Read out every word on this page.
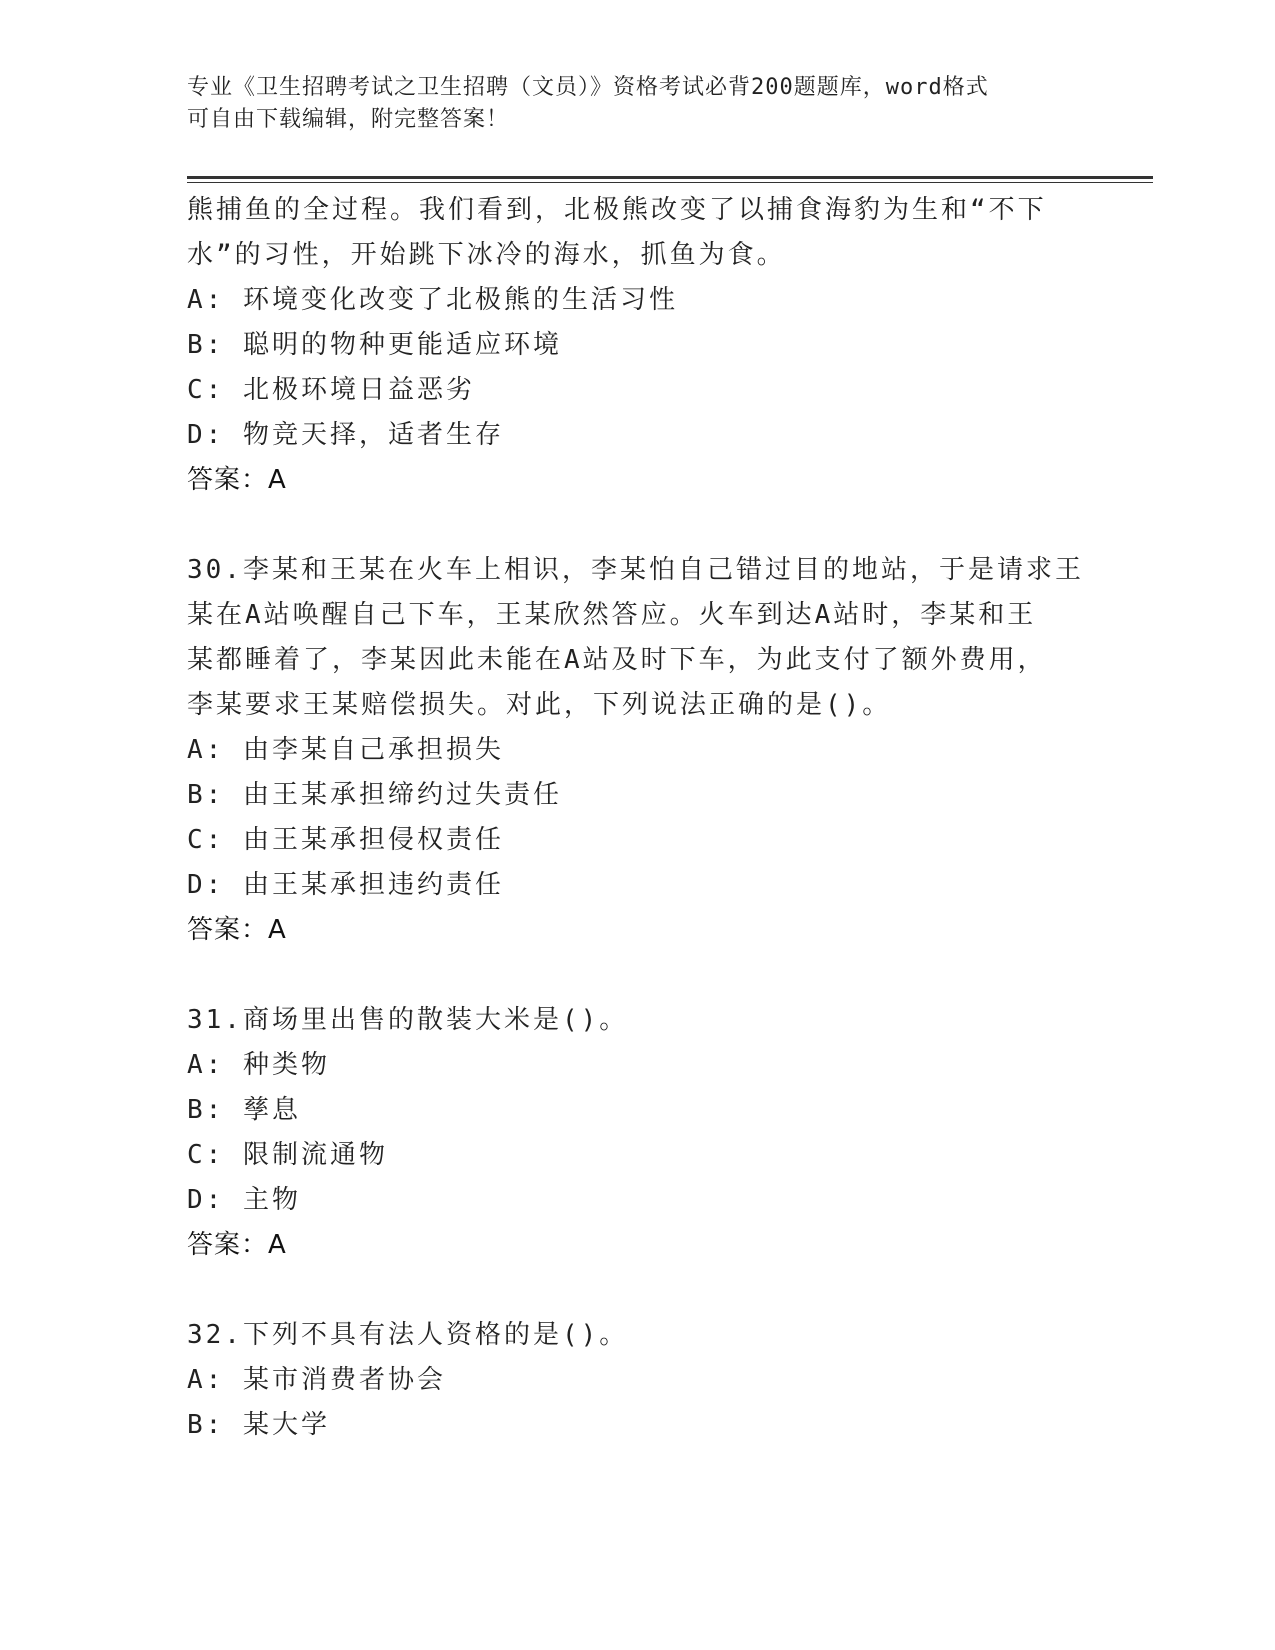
专业《卫生招聘考试之卫生招聘（文员）》资格考试必背200题题库，word格式
可自由下载编辑，附完整答案！
熊捕鱼的全过程。我们看到，北极熊改变了以捕食海豹为生和“不下
水”的习性，开始跳下冰冷的海水，抓鱼为食。
A: 环境变化改变了北极熊的生活习性
B: 聪明的物种更能适应环境
C: 北极环境日益恶劣
D: 物竞天择，适者生存
答案：A
30.李某和王某在火车上相识，李某怕自己错过目的地站，于是请求王
某在A站唤醒自己下车，王某欣然答应。火车到达A站时，李某和王
某都睡着了，李某因此未能在A站及时下车，为此支付了额外费用，
李某要求王某赔偿损失。对此，下列说法正确的是()。
A: 由李某自己承担损失
B: 由王某承担缔约过失责任
C: 由王某承担侵权责任
D: 由王某承担违约责任
答案：A
31.商场里出售的散装大米是()。
A: 种类物
B: 孳息
C: 限制流通物
D: 主物
答案：A
32.下列不具有法人资格的是()。
A: 某市消费者协会
B: 某大学
